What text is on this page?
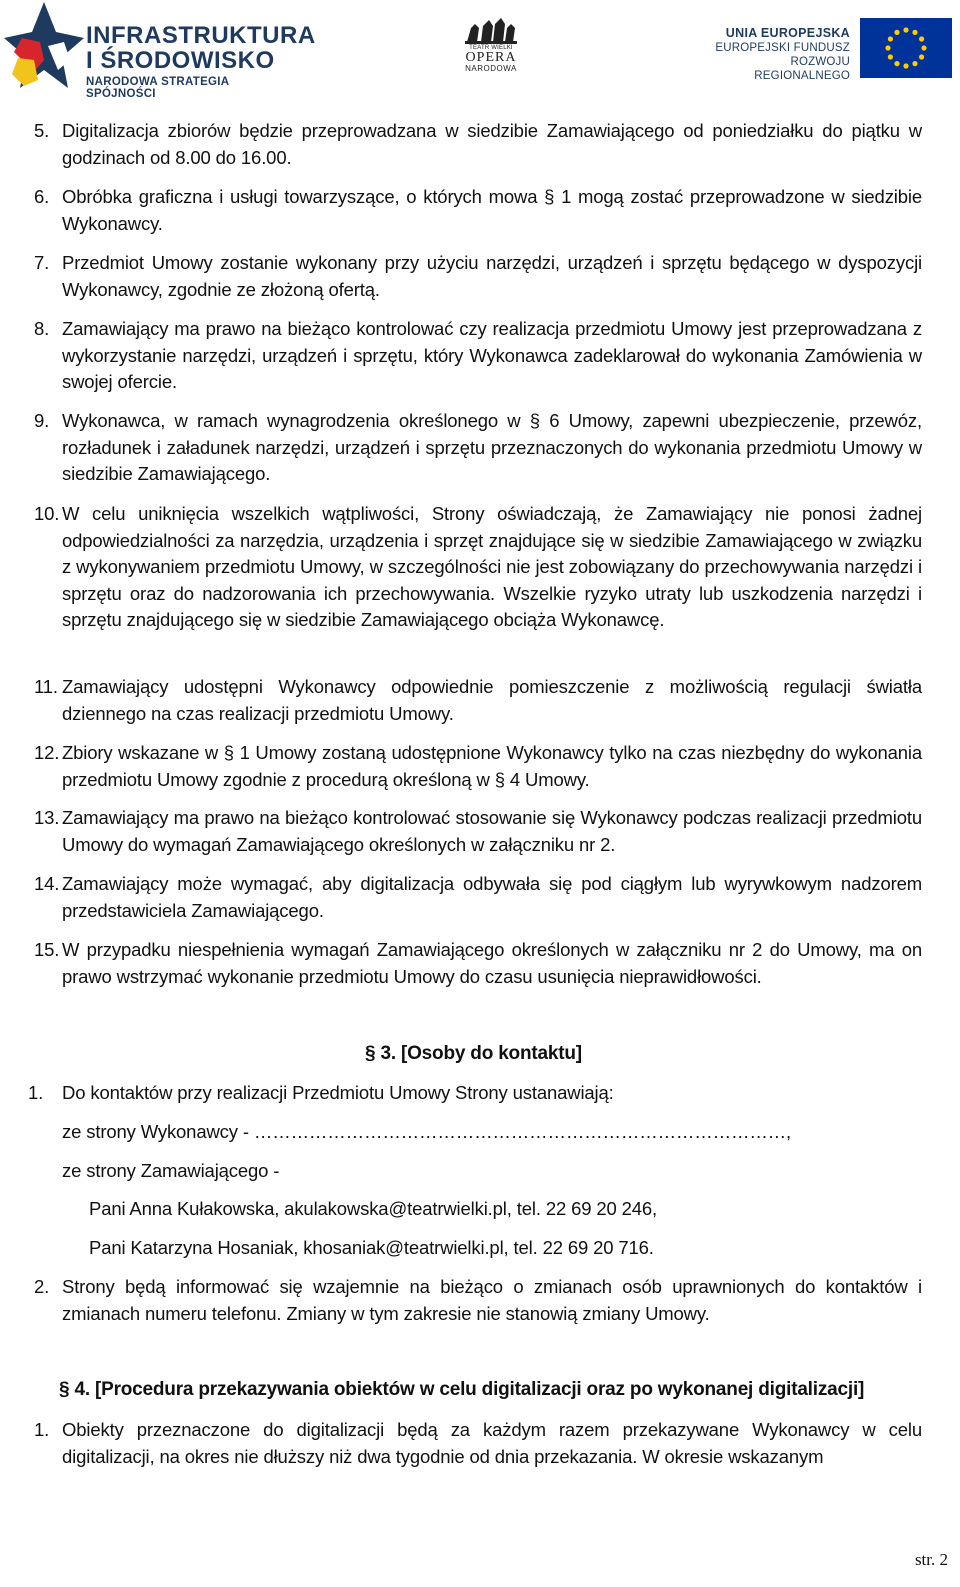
INFRASTRUKTURA
I ŚRODOWISKO
NARODOWA STRATEGIA SPÓJNOŚCI
TEATR WIELKI
OPERA
NARODOWA
UNIA EUROPEJSKA
EUROPEJSKI FUNDUSZ
ROZWOJU REGIONALNEGO
5. Digitalizacja zbiorów będzie przeprowadzana w siedzibie Zamawiającego od poniedziałku do piątku w godzinach od 8.00 do 16.00.
6. Obróbka graficzna i usługi towarzyszące, o których mowa § 1 mogą zostać przeprowadzone w siedzibie Wykonawcy.
7. Przedmiot Umowy zostanie wykonany przy użyciu narzędzi, urządzeń i sprzętu będącego w dyspozycji Wykonawcy, zgodnie ze złożoną ofertą.
8. Zamawiający ma prawo na bieżąco kontrolować czy realizacja przedmiotu Umowy jest przeprowadzana z wykorzystanie narzędzi, urządzeń i sprzętu, który Wykonawca zadeklarował do wykonania Zamówienia w swojej ofercie.
9. Wykonawca, w ramach wynagrodzenia określonego w § 6 Umowy, zapewni ubezpieczenie, przewóz, rozładunek i załadunek narzędzi, urządzeń i sprzętu przeznaczonych do wykonania przedmiotu Umowy w siedzibie Zamawiającego.
10. W celu uniknięcia wszelkich wątpliwości, Strony oświadczają, że Zamawiający nie ponosi żadnej odpowiedzialności za narzędzia, urządzenia i sprzęt znajdujące się w siedzibie Zamawiającego w związku z wykonywaniem przedmiotu Umowy, w szczególności nie jest zobowiązany do przechowywania narzędzi i sprzętu oraz do nadzorowania ich przechowywania. Wszelkie ryzyko utraty lub uszkodzenia narzędzi i sprzętu znajdującego się w siedzibie Zamawiającego obciąża Wykonawcę.
11. Zamawiający udostępni Wykonawcy odpowiednie pomieszczenie z możliwością regulacji światła dziennego na czas realizacji przedmiotu Umowy.
12. Zbiory wskazane w § 1 Umowy zostaną udostępnione Wykonawcy tylko na czas niezbędny do wykonania przedmiotu Umowy zgodnie z procedurą określoną w § 4 Umowy.
13. Zamawiający ma prawo na bieżąco kontrolować stosowanie się Wykonawcy podczas realizacji przedmiotu Umowy do wymagań Zamawiającego określonych w załączniku nr 2.
14. Zamawiający może wymagać, aby digitalizacja odbywała się pod ciągłym lub wyrywkowym nadzorem przedstawiciela Zamawiającego.
15. W przypadku niespełnienia wymagań Zamawiającego określonych w załączniku nr 2 do Umowy, ma on prawo wstrzymać wykonanie przedmiotu Umowy do czasu usunięcia nieprawidłowości.
§ 3. [Osoby do kontaktu]
1. Do kontaktów przy realizacji Przedmiotu Umowy Strony ustanawiają:
ze strony Wykonawcy - ……………………………………………………………………………,
ze strony Zamawiającego -
Pani Anna Kułakowska, akulakowska@teatrwielki.pl, tel. 22 69 20 246,
Pani Katarzyna Hosaniak, khosaniak@teatrwielki.pl, tel. 22 69 20 716.
2. Strony będą informować się wzajemnie na bieżąco o zmianach osób uprawnionych do kontaktów i zmianach numeru telefonu. Zmiany w tym zakresie nie stanowią zmiany Umowy.
§ 4. [Procedura przekazywania obiektów w celu digitalizacji oraz po wykonanej digitalizacji]
1. Obiekty przeznaczone do digitalizacji będą za każdym razem przekazywane Wykonawcy w celu digitalizacji, na okres nie dłuższy niż dwa tygodnie od dnia przekazania. W okresie wskazanym
str. 2
